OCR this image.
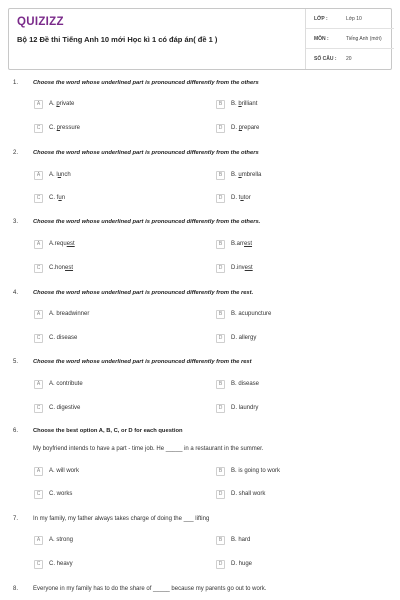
QUIZIZZ
Bộ 12 Đề thi Tiếng Anh 10 mới Học kì 1 có đáp án( đề 1 )
LỚP :	Lớp 10
MÔN :	Tiếng Anh (mới)
SỐ CÂU : 20
1.	Choose the word whose underlined part is pronounced differently from the others
A	A. private	B	B. brilliant
C	C. pressure	D	D. prepare
2.	Choose the word whose underlined part is pronounced differently from the others
A	A. lunch	B	B. umbrella
C	C. fun	D	D. tutor
3.	Choose the word whose underlined part is pronounced differently from the others.
A	A.request	B	B.arrest
C	C.honest	D	D.invest
4.	Choose the word whose underlined part is pronounced differently from the rest.
A	A. breadwinner	B	B. acupuncture
C	C. disease	D	D. allergy
5.	Choose the word whose underlined part is pronounced differently from the rest
A	A. contribute	B	B. disease
C	C. digestive	D	D. laundry
6.	Choose the best option A, B, C, or D for each question
My boyfriend intends to have a part - time job. He _____ in a restaurant in the summer.
A	A. will work	B	B. is going to work
C	C. works	D	D. shall work
7. In my family, my father always takes charge of doing the ___ lifting
A	A. strong	B	B. hard
C	C. heavy	D	D. huge
8. Everyone in my family has to do the share of _____ because my parents go out to work.
